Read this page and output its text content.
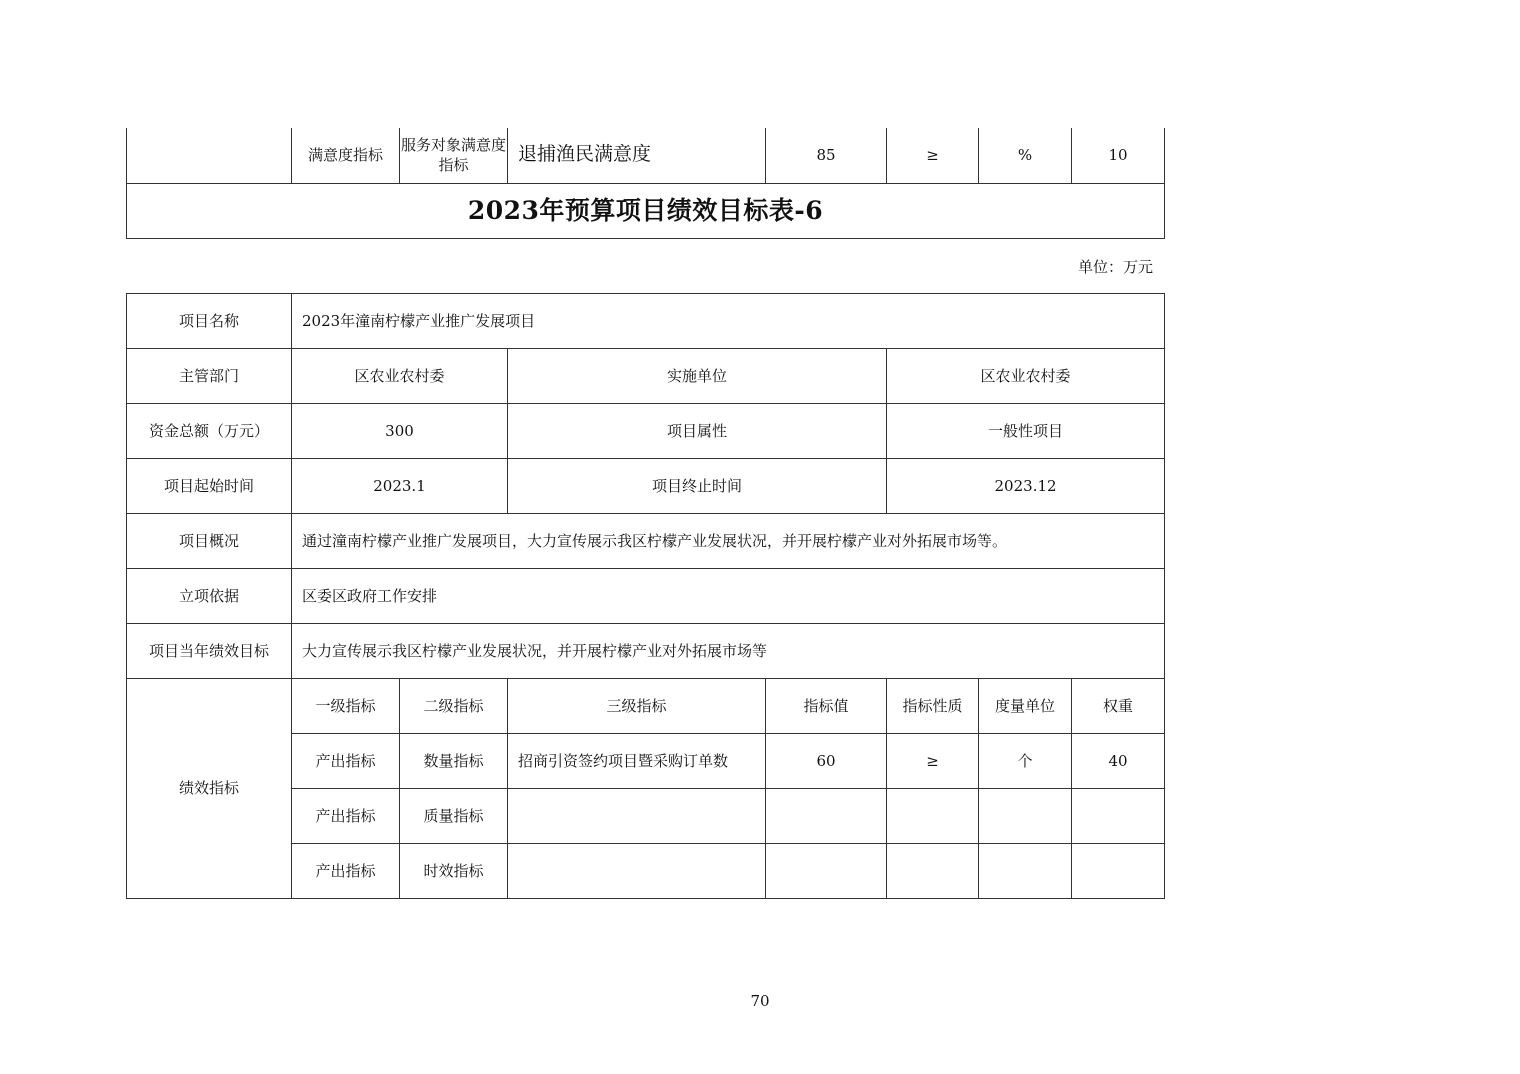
	满意度指标	服务对象满意度指标	退捕渔民满意度	85	≥	%	10
2023年预算项目绩效目标表-6
单位：万元
项目名称	2023年潼南柠檬产业推广发展项目						
主管部门	区农业农村委		实施单位		区农业农村委		
资金总额（万元）	300		项目属性		一般性项目		
项目起始时间	2023.1		项目终止时间		2023.12		
项目概况	通过潼南柠檬产业推广发展项目，大力宣传展示我区柠檬产业发展状况，并开展柠檬产业对外拓展市场等。						
立项依据	区委区政府工作安排						
项目当年绩效目标	大力宣传展示我区柠檬产业发展状况，并开展柠檬产业对外拓展市场等						
绩效指标	一级指标	二级指标	三级指标	指标值	指标性质	度量单位	权重
	产出指标	数量指标	招商引资签约项目暨采购订单数	60	≥	个	40
	产出指标	质量指标					
	产出指标	时效指标					
70
